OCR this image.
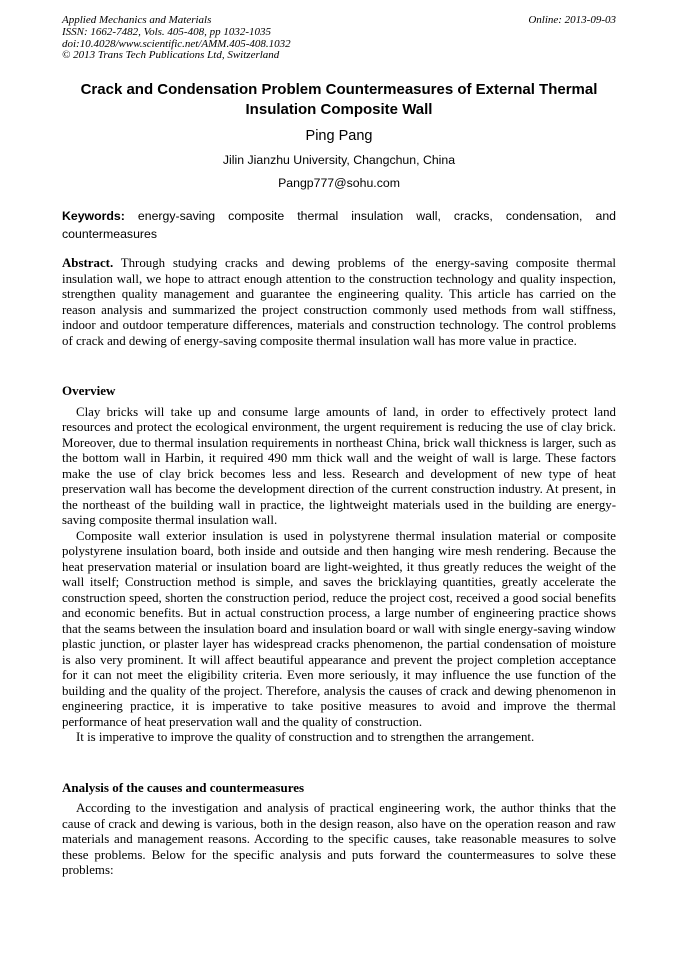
Applied Mechanics and Materials
ISSN: 1662-7482, Vols. 405-408, pp 1032-1035
doi:10.4028/www.scientific.net/AMM.405-408.1032
© 2013 Trans Tech Publications Ltd, Switzerland
Online: 2013-09-03
Crack and Condensation Problem Countermeasures of External Thermal Insulation Composite Wall
Ping Pang
Jilin Jianzhu University, Changchun, China
Pangp777@sohu.com

Keywords: energy-saving composite thermal insulation wall, cracks, condensation, and countermeasures

Abstract. Through studying cracks and dewing problems of the energy-saving composite thermal insulation wall, we hope to attract enough attention to the construction technology and quality inspection, strengthen quality management and guarantee the engineering quality. This article has carried on the reason analysis and summarized the project construction commonly used methods from wall stiffness, indoor and outdoor temperature differences, materials and construction technology. The control problems of crack and dewing of energy-saving composite thermal insulation wall has more value in practice.

Overview

Clay bricks will take up and consume large amounts of land, in order to effectively protect land resources and protect the ecological environment, the urgent requirement is reducing the use of clay brick. Moreover, due to thermal insulation requirements in northeast China, brick wall thickness is larger, such as the bottom wall in Harbin, it required 490 mm thick wall and the weight of wall is large. These factors make the use of clay brick becomes less and less. Research and development of new type of heat preservation wall has become the development direction of the current construction industry. At present, in the northeast of the building wall in practice, the lightweight materials used in the building are energy-saving composite thermal insulation wall.

Composite wall exterior insulation is used in polystyrene thermal insulation material or composite polystyrene insulation board, both inside and outside and then hanging wire mesh rendering. Because the heat preservation material or insulation board are light-weighted, it thus greatly reduces the weight of the wall itself; Construction method is simple, and saves the bricklaying quantities, greatly accelerate the construction speed, shorten the construction period, reduce the project cost, received a good social benefits and economic benefits. But in actual construction process, a large number of engineering practice shows that the seams between the insulation board and insulation board or wall with single energy-saving window plastic junction, or plaster layer has widespread cracks phenomenon, the partial condensation of moisture is also very prominent. It will affect beautiful appearance and prevent the project completion acceptance for it can not meet the eligibility criteria. Even more seriously, it may influence the use function of the building and the quality of the project. Therefore, analysis the causes of crack and dewing phenomenon in engineering practice, it is imperative to take positive measures to avoid and improve the thermal performance of heat preservation wall and the quality of construction.

It is imperative to improve the quality of construction and to strengthen the arrangement.

Analysis of the causes and countermeasures

According to the investigation and analysis of practical engineering work, the author thinks that the cause of crack and dewing is various, both in the design reason, also have on the operation reason and raw materials and management reasons. According to the specific causes, take reasonable measures to solve these problems. Below for the specific analysis and puts forward the countermeasures to solve these problems:
